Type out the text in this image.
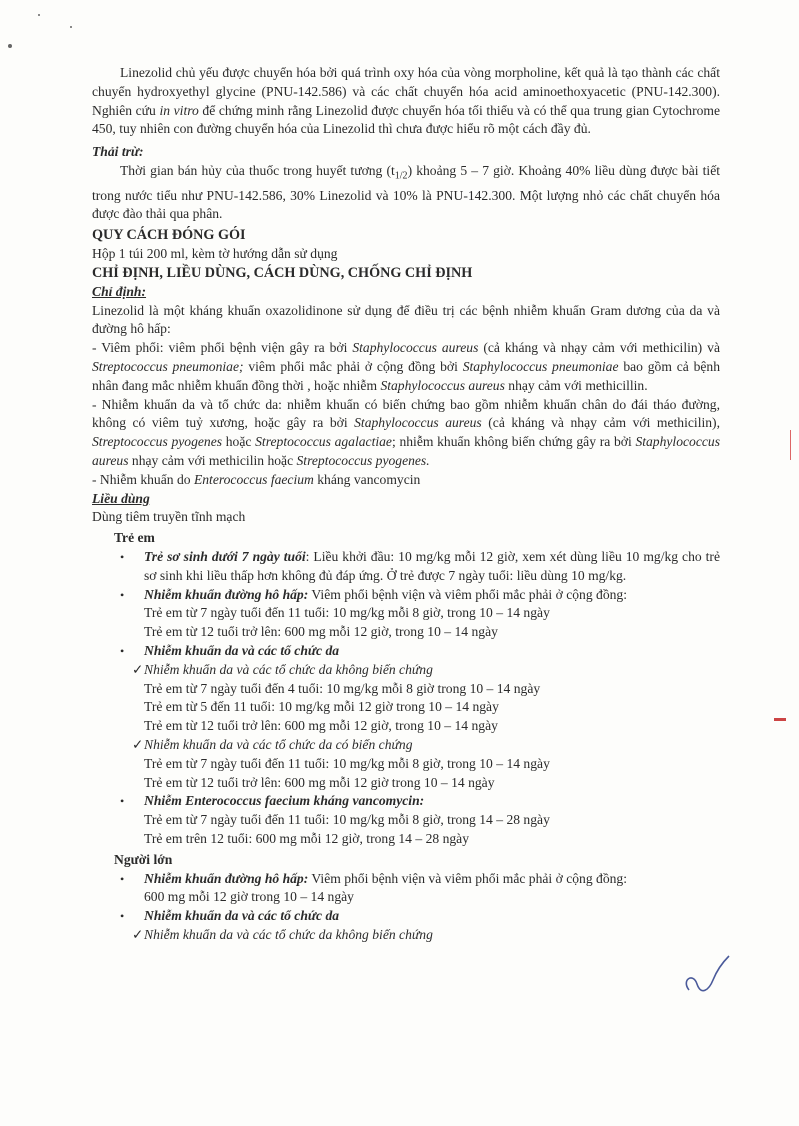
Linezolid chủ yếu được chuyển hóa bởi quá trình oxy hóa của vòng morpholine, kết quả là tạo thành các chất chuyển hydroxyethyl glycine (PNU-142.586) và các chất chuyển hóa acid aminoethoxyacetic (PNU-142.300). Nghiên cứu in vitro để chứng minh rằng Linezolid được chuyển hóa tối thiểu và có thể qua trung gian Cytochrome 450, tuy nhiên con đường chuyển hóa của Linezolid thì chưa được hiểu rõ một cách đầy đủ.

Thải trừ:

Thời gian bán hủy của thuốc trong huyết tương $(t_{1/2})$ khoảng 5 – 7 giờ. Khoảng 40% liều dùng được bài tiết trong nước tiểu như PNU-142.586, 30% Linezolid và 10% là PNU-142.300. Một lượng nhỏ các chất chuyển hóa được đào thải qua phân.

QUY CÁCH ĐÓNG GÓI

Hộp 1 túi 200 ml, kèm tờ hướng dẫn sử dụng

CHỈ ĐỊNH, LIỀU DÙNG, CÁCH DÙNG, CHỐNG CHỈ ĐỊNH

Chỉ định:

Linezolid là một kháng khuẩn oxazolidinone sử dụng để điều trị các bệnh nhiễm khuẩn Gram dương của da và đường hô hấp:

- Viêm phổi: viêm phổi bệnh viện gây ra bởi Staphylococcus aureus (cả kháng và nhạy cảm với methicilin) và Streptococcus pneumoniae; viêm phổi mắc phải ở cộng đồng bởi Staphylococcus pneumoniae bao gồm cả bệnh nhân đang mắc nhiễm khuẩn đồng thời , hoặc nhiễm Staphylococcus aureus nhạy cảm với methicillin.

- Nhiễm khuẩn da và tổ chức da: nhiễm khuẩn có biến chứng bao gồm nhiễm khuẩn chân do đái tháo đường, không có viêm tuỷ xương, hoặc gây ra bởi Staphylococcus aureus (cả kháng và nhạy cảm với methicilin), Streptococcus pyogenes hoặc Streptococcus agalactiae; nhiễm khuẩn không biến chứng gây ra bởi Staphylococcus aureus nhạy cảm với methicilin hoặc Streptococcus pyogenes.

- Nhiễm khuẩn do Enterococcus faecium kháng vancomycin

Liều dùng

Dùng tiêm truyền tĩnh mạch

Trẻ em

• Trẻ sơ sinh dưới 7 ngày tuổi: Liều khởi đầu: 10 mg/kg mỗi 12 giờ, xem xét dùng liều 10 mg/kg cho trẻ sơ sinh khi liều thấp hơn không đủ đáp ứng. Ở trẻ được 7 ngày tuổi: liều dùng 10 mg/kg.

• Nhiễm khuẩn đường hô hấp: Viêm phổi bệnh viện và viêm phổi mắc phải ở cộng đồng:

Trẻ em từ 7 ngày tuổi đến 11 tuổi: 10 mg/kg mỗi 8 giờ, trong 10 – 14 ngày

Trẻ em từ 12 tuổi trở lên: 600 mg mỗi 12 giờ, trong 10 – 14 ngày

• Nhiễm khuẩn da và các tổ chức da

✓ Nhiễm khuẩn da và các tổ chức da không biến chứng

Trẻ em từ 7 ngày tuổi đến 4 tuổi: 10 mg/kg mỗi 8 giờ trong 10 – 14 ngày

Trẻ em từ 5 đến 11 tuổi: 10 mg/kg mỗi 12 giờ trong 10 – 14 ngày

Trẻ em từ 12 tuổi trở lên: 600 mg mỗi 12 giờ, trong 10 – 14 ngày

✓ Nhiễm khuẩn da và các tổ chức da có biến chứng

Trẻ em từ 7 ngày tuổi đến 11 tuổi: 10 mg/kg mỗi 8 giờ, trong 10 – 14 ngày

Trẻ em từ 12 tuổi trở lên: 600 mg mỗi 12 giờ trong 10 – 14 ngày

• Nhiễm Enterococcus faecium kháng vancomycin:

Trẻ em từ 7 ngày tuổi đến 11 tuổi: 10 mg/kg mỗi 8 giờ, trong 14 – 28 ngày

Trẻ em trên 12 tuổi: 600 mg mỗi 12 giờ, trong 14 – 28 ngày

Người lớn

• Nhiễm khuẩn đường hô hấp: Viêm phổi bệnh viện và viêm phổi mắc phải ở cộng đồng:

600 mg mỗi 12 giờ trong 10 – 14 ngày

• Nhiễm khuẩn da và các tổ chức da

✓ Nhiễm khuẩn da và các tổ chức da không biến chứng
